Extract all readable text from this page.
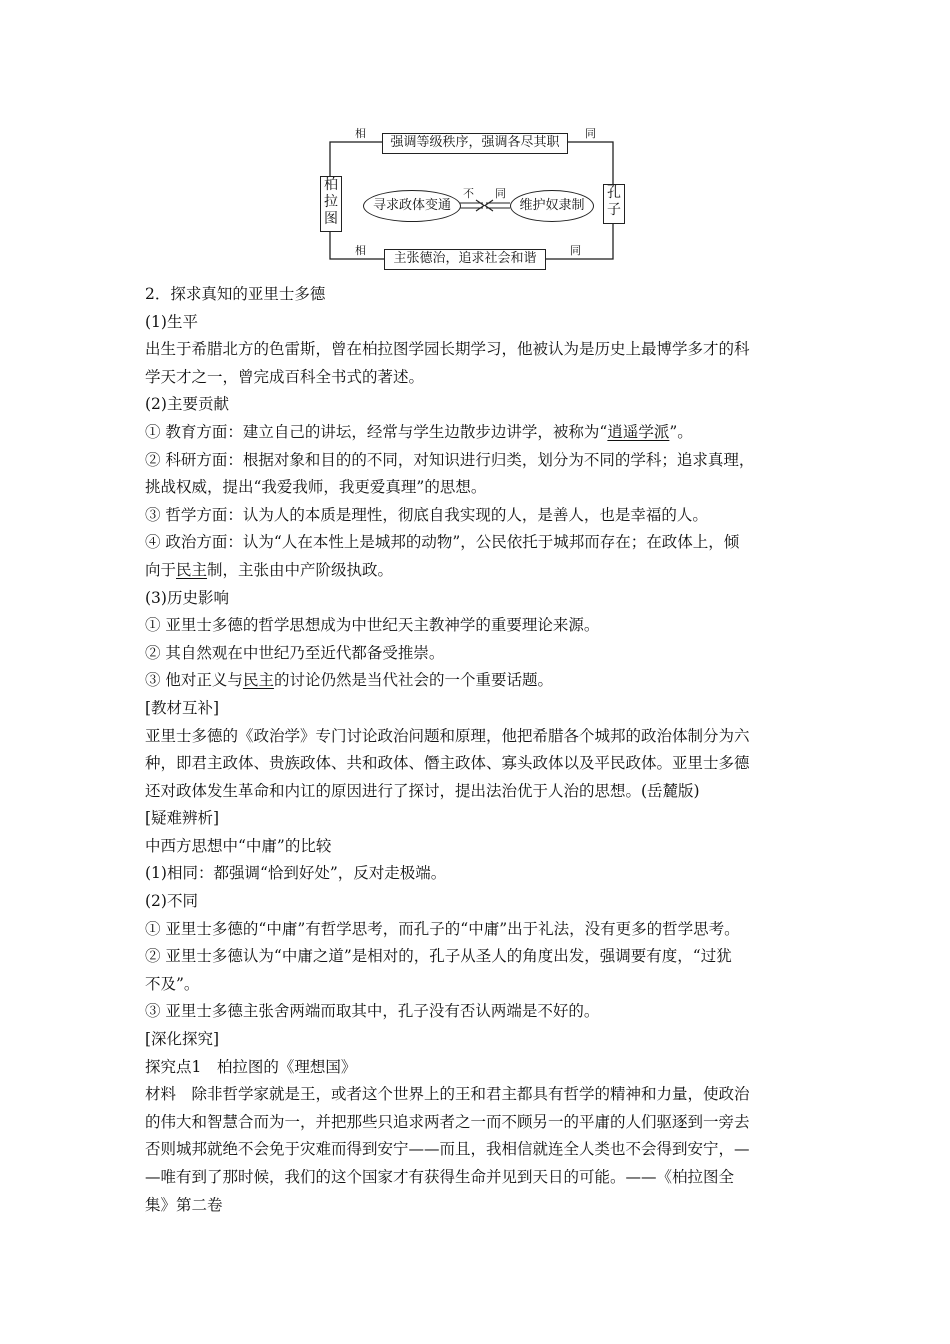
柏拉图
孔子
强调等级秩序，强调各尽其职
主张德治，追求社会和谐
寻求政体变通	维护奴隶制
相	同
不 同
相	同

2．探求真知的亚里士多德

(1)生平

出生于希腊北方的色雷斯，曾在柏拉图学园长期学习，他被认为是历史上最博学多才的科

学天才之一，曾完成百科全书式的著述。

(2)主要贡献

① 教育方面：建立自己的讲坛，经常与学生边散步边讲学，被称为“逍遥学派”。

② 科研方面：根据对象和目的的不同，对知识进行归类，划分为不同的学科；追求真理，

挑战权威，提出“我爱我师，我更爱真理”的思想。

③ 哲学方面：认为人的本质是理性，彻底自我实现的人，是善人，也是幸福的人。

④ 政治方面：认为“人在本性上是城邦的动物”，公民依托于城邦而存在；在政体上，倾

向于民主制，主张由中产阶级执政。

(3)历史影响

① 亚里士多德的哲学思想成为中世纪天主教神学的重要理论来源。

② 其自然观在中世纪乃至近代都备受推崇。

③ 他对正义与民主的讨论仍然是当代社会的一个重要话题。

[教材互补]

亚里士多德的《政治学》专门讨论政治问题和原理，他把希腊各个城邦的政治体制分为六

种，即君主政体、贵族政体、共和政体、僭主政体、寡头政体以及平民政体。亚里士多德

还对政体发生革命和内讧的原因进行了探讨，提出法治优于人治的思想。(岳麓版)

[疑难辨析]

中西方思想中“中庸”的比较

(1)相同：都强调“恰到好处”，反对走极端。

(2)不同

① 亚里士多德的“中庸”有哲学思考，而孔子的“中庸”出于礼法，没有更多的哲学思考。

② 亚里士多德认为“中庸之道”是相对的，孔子从圣人的角度出发，强调要有度，“过犹

不及”。

③ 亚里士多德主张舍两端而取其中，孔子没有否认两端是不好的。

[深化探究]

探究点1　柏拉图的《理想国》

材料　除非哲学家就是王，或者这个世界上的王和君主都具有哲学的精神和力量，使政治

的伟大和智慧合而为一，并把那些只追求两者之一而不顾另一的平庸的人们驱逐到一旁去

否则城邦就绝不会免于灾难而得到安宁——而且，我相信就连全人类也不会得到安宁，—

—唯有到了那时候，我们的这个国家才有获得生命并见到天日的可能。——《柏拉图全

集》第二卷
